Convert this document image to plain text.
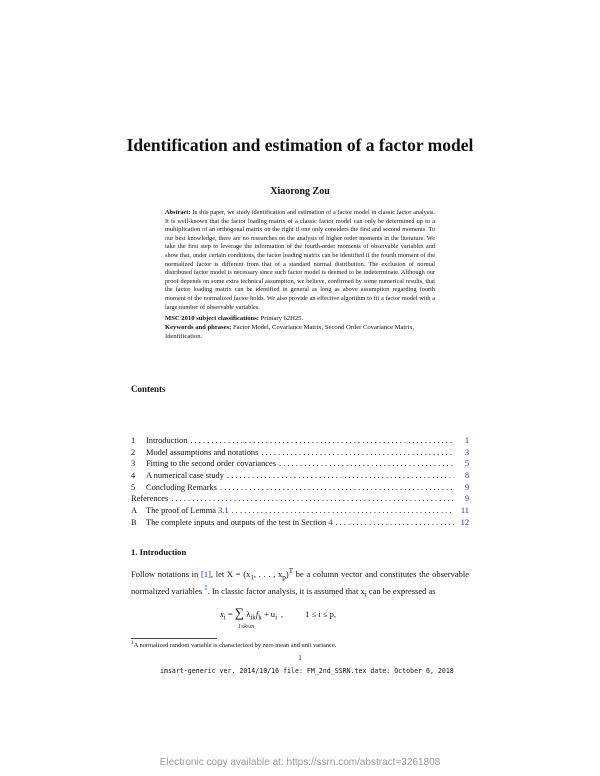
Identification and estimation of a factor model
Xiaorong Zou
Abstract: In this paper, we study identification and estimation of a factor model in classic factor analysis. It is well-known that the factor loading matrix of a classic factor model can only be determined up to a multiplication of an orthogonal matrix on the right if one only considers the first and second moments. To our best knowledge, there are no researches on the analysis of higher order moments in the literature. We take the first step to leverage the information of the fourth-order moments of observable variables and show that, under certain conditions, the factor loading matrix can be identified if the fourth moment of the normalized factor is different from that of a standard normal distribution. The exclusion of normal distributed factor model is necessary since such factor model is deemed to be indeterminate. Although our proof depends on some extra technical assumption, we believe, confirmed by some numerical results, that the factor loading matrix can be identified in general as long as above assumption regarding fourth moment of the normalized factor holds. We also provide an effective algorithm to fit a factor model with a large number of observable variables.
MSC 2010 subject classifications: Primary 62H25.
Keywords and phrases: Factor Model, Covariance Matrix, Second Order Covariance Matrix, Identification.
Contents
1	Introduction . . .	1
2	Model assumptions and notations . . .	3
3	Fitting to the second order covariances . . .	5
4	A numerical case study . . .	8
5	Concluding Remarks . . .	9
References . . .	9
A	The proof of Lemma 3.1 . . .	11
B	The complete inputs and outputs of the test in Section 4 . . .	12
1. Introduction
Follow notations in [1], let $X = (x_1$, . . . , $x_p)^T$ be a column vector and constitutes the observable normalized variables $^1$. In classic factor analysis, it is assumed that $x_i$ can be expressed as
$x_i$ = ∑ $\lambda_{ik}f_k + u_i$ ,	1 ≤ i ≤ p,
1≤k≤m
$^1$A normalized random variable is characterized by zero mean and unit variance.
1
imsart-generic ver. 2014/10/16 file: FM_2nd_SSRN.tex date: October 6, 2018
Electronic copy available at: https://ssrn.com/abstract=3261808
